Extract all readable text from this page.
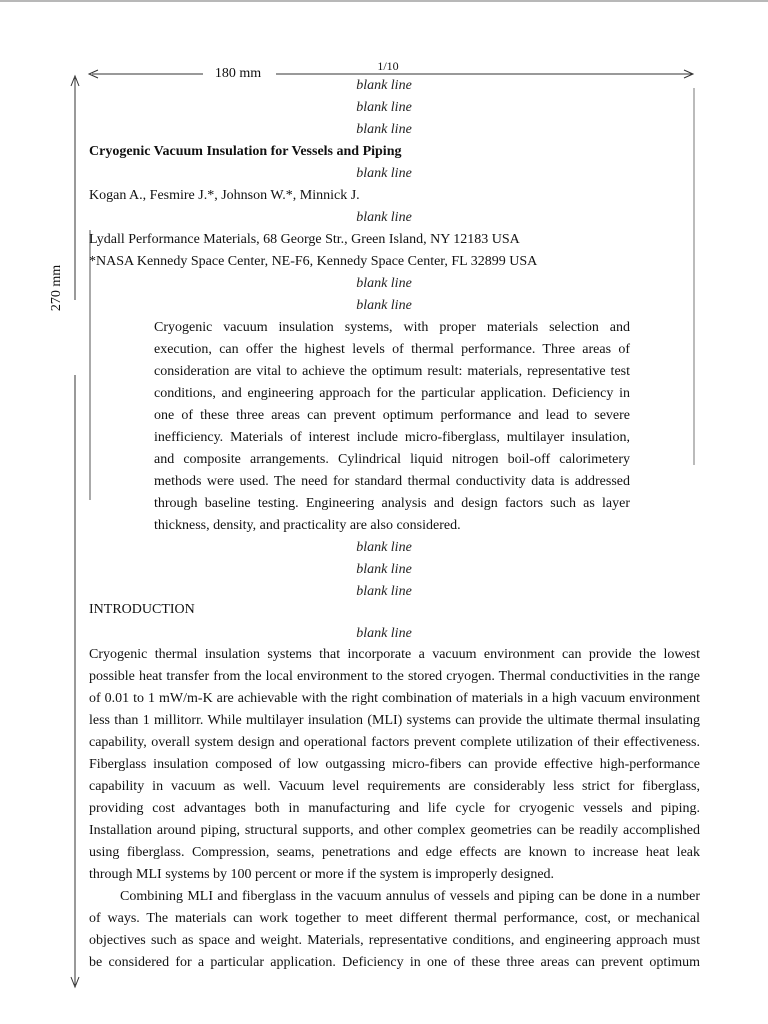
1/10
180 mm
270 mm
blank line
blank line
blank line
Cryogenic Vacuum Insulation for Vessels and Piping
blank line
Kogan A., Fesmire J.*, Johnson W.*, Minnick J.
blank line
Lydall Performance Materials, 68 George Str., Green Island, NY 12183 USA
*NASA Kennedy Space Center, NE-F6, Kennedy Space Center, FL 32899 USA
blank line
blank line
Cryogenic vacuum insulation systems, with proper materials selection and
execution, can offer the highest levels of thermal performance. Three areas of
consideration are vital to achieve the optimum result: materials, representative test
conditions, and engineering approach for the particular application. Deficiency in
one of these three areas can prevent optimum performance and lead to severe
inefficiency. Materials of interest include micro-fiberglass, multilayer insulation,
and composite arrangements. Cylindrical liquid nitrogen boil-off calorimetery
methods were used. The need for standard thermal conductivity data is addressed
through baseline testing. Engineering analysis and design factors such as layer
thickness, density, and practicality are also considered.
blank line
blank line
blank line
INTRODUCTION
blank line
Cryogenic thermal insulation systems that incorporate a vacuum environment can provide the lowest
possible heat transfer from the local environment to the stored cryogen. Thermal conductivities in the range
of 0.01 to 1 mW/m-K are achievable with the right combination of materials in a high vacuum environment
less than 1 millitorr. While multilayer insulation (MLI) systems can provide the ultimate thermal insulating
capability, overall system design and operational factors prevent complete utilization of their effectiveness.
Fiberglass insulation composed of low outgassing micro-fibers can provide effective high-performance
capability in vacuum as well. Vacuum level requirements are considerably less strict for fiberglass,
providing cost advantages both in manufacturing and life cycle for cryogenic vessels and piping.
Installation around piping, structural supports, and other complex geometries can be readily accomplished
using fiberglass. Compression, seams, penetrations and edge effects are known to increase heat leak
through MLI systems by 100 percent or more if the system is improperly designed.
Combining MLI and fiberglass in the vacuum annulus of vessels and piping can be done in a number
of ways. The materials can work together to meet different thermal performance, cost, or mechanical
objectives such as space and weight. Materials, representative conditions, and engineering approach must
be considered for a particular application. Deficiency in one of these three areas can prevent optimum
